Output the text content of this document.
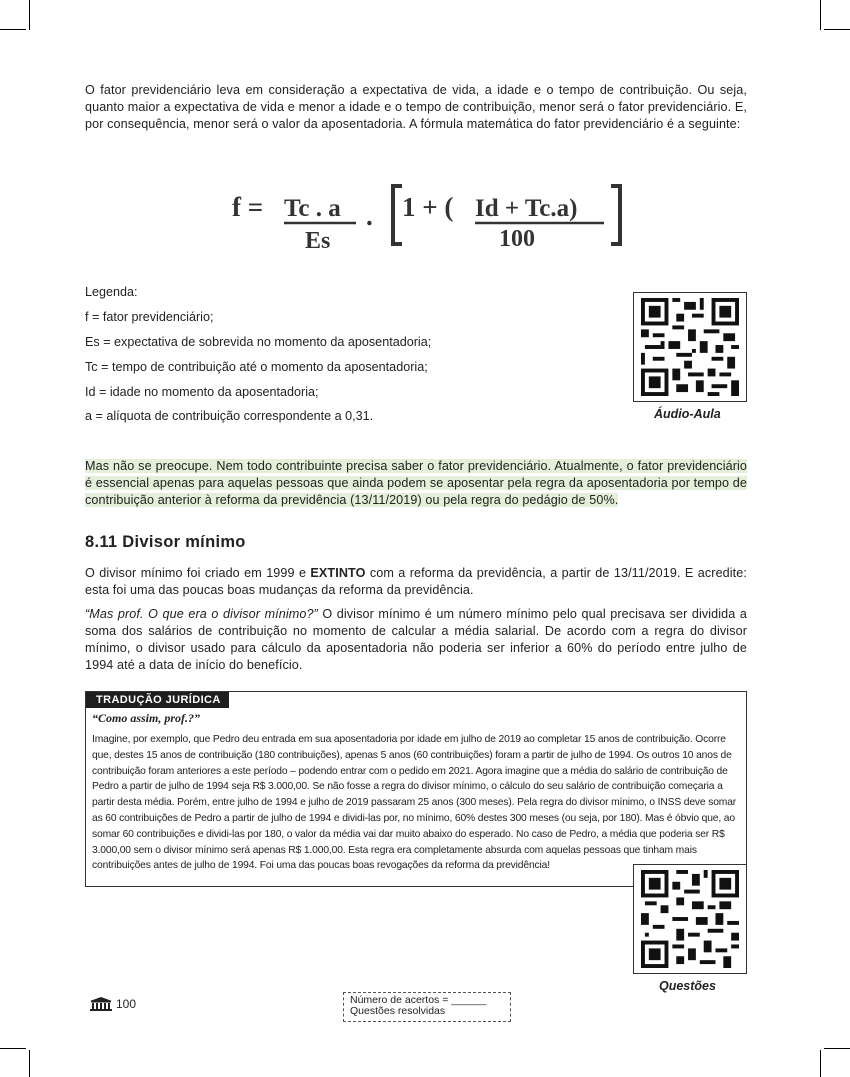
O fator previdenciário leva em consideração a expectativa de vida, a idade e o tempo de contribuição. Ou seja, quanto maior a expectativa de vida e menor a idade e o tempo de contribuição, menor será o fator previdenciário. E, por consequência, menor será o valor da aposentadoria. A fórmula matemática do fator previdenciário é a seguinte:
f = Tc . a
Es
. 1 + ( Id + Tc.a)
100
Legenda:
f = fator previdenciário;
Es = expectativa de sobrevida no momento da aposentadoria;
Tc = tempo de contribuição até o momento da aposentadoria;
Id = idade no momento da aposentadoria;
a = alíquota de contribuição correspondente a 0,31.	Áudio-Aula
Mas não se preocupe. Nem todo contribuinte precisa saber o fator previdenciário. Atualmente, o fator previdenciário é essencial apenas para aquelas pessoas que ainda podem se aposentar pela regra da aposentadoria por tempo de contribuição anterior à reforma da previdência (13/11/2019) ou pela regra do pedágio de 50%.
8.11 Divisor mínimo
O divisor mínimo foi criado em 1999 e EXTINTO com a reforma da previdência, a partir de 13/11/2019. E acredite: esta foi uma das poucas boas mudanças da reforma da previdência.
“Mas prof. O que era o divisor mínimo?” O divisor mínimo é um número mínimo pelo qual precisava ser dividida a soma dos salários de contribuição no momento de calcular a média salarial. De acordo com a regra do divisor mínimo, o divisor usado para cálculo da aposentadoria não poderia ser inferior a 60% do período entre julho de 1994 até a data de início do benefício.
TRADUÇÃO JURÍDICA
“Como assim, prof.?”
Imagine, por exemplo, que Pedro deu entrada em sua aposentadoria por idade em julho de 2019 ao completar 15 anos de contribuição. Ocorre que, destes 15 anos de contribuição (180 contribuições), apenas 5 anos (60 contribuições) foram a partir de julho de 1994. Os outros 10 anos de contribuição foram anteriores a este período – podendo entrar com o pedido em 2021. Agora imagine que a média do salário de contribuição de Pedro a partir de julho de 1994 seja R$ 3.000,00. Se não fosse a regra do divisor mínimo, o cálculo do seu salário de contribuição começaria a partir desta média. Porém, entre julho de 1994 e julho de 2019 passaram 25 anos (300 meses). Pela regra do divisor mínimo, o INSS deve somar as 60 contribuições de Pedro a partir de julho de 1994 e dividi-las por, no mínimo, 60% destes 300 meses (ou seja, por 180). Mas é óbvio que, ao somar 60 contribuições e dividi-las por 180, o valor da média vai dar muito abaixo do esperado. No caso de Pedro, a média que poderia ser R$ 3.000,00 sem o divisor mínimo será apenas R$ 1.000,00. Esta regra era completamente absurda com aquelas pessoas que tinham mais contribuições antes de julho de 1994. Foi uma das poucas boas revogações da reforma da previdência!
Questões
100	Número de acertos = ______
Questões resolvidas
